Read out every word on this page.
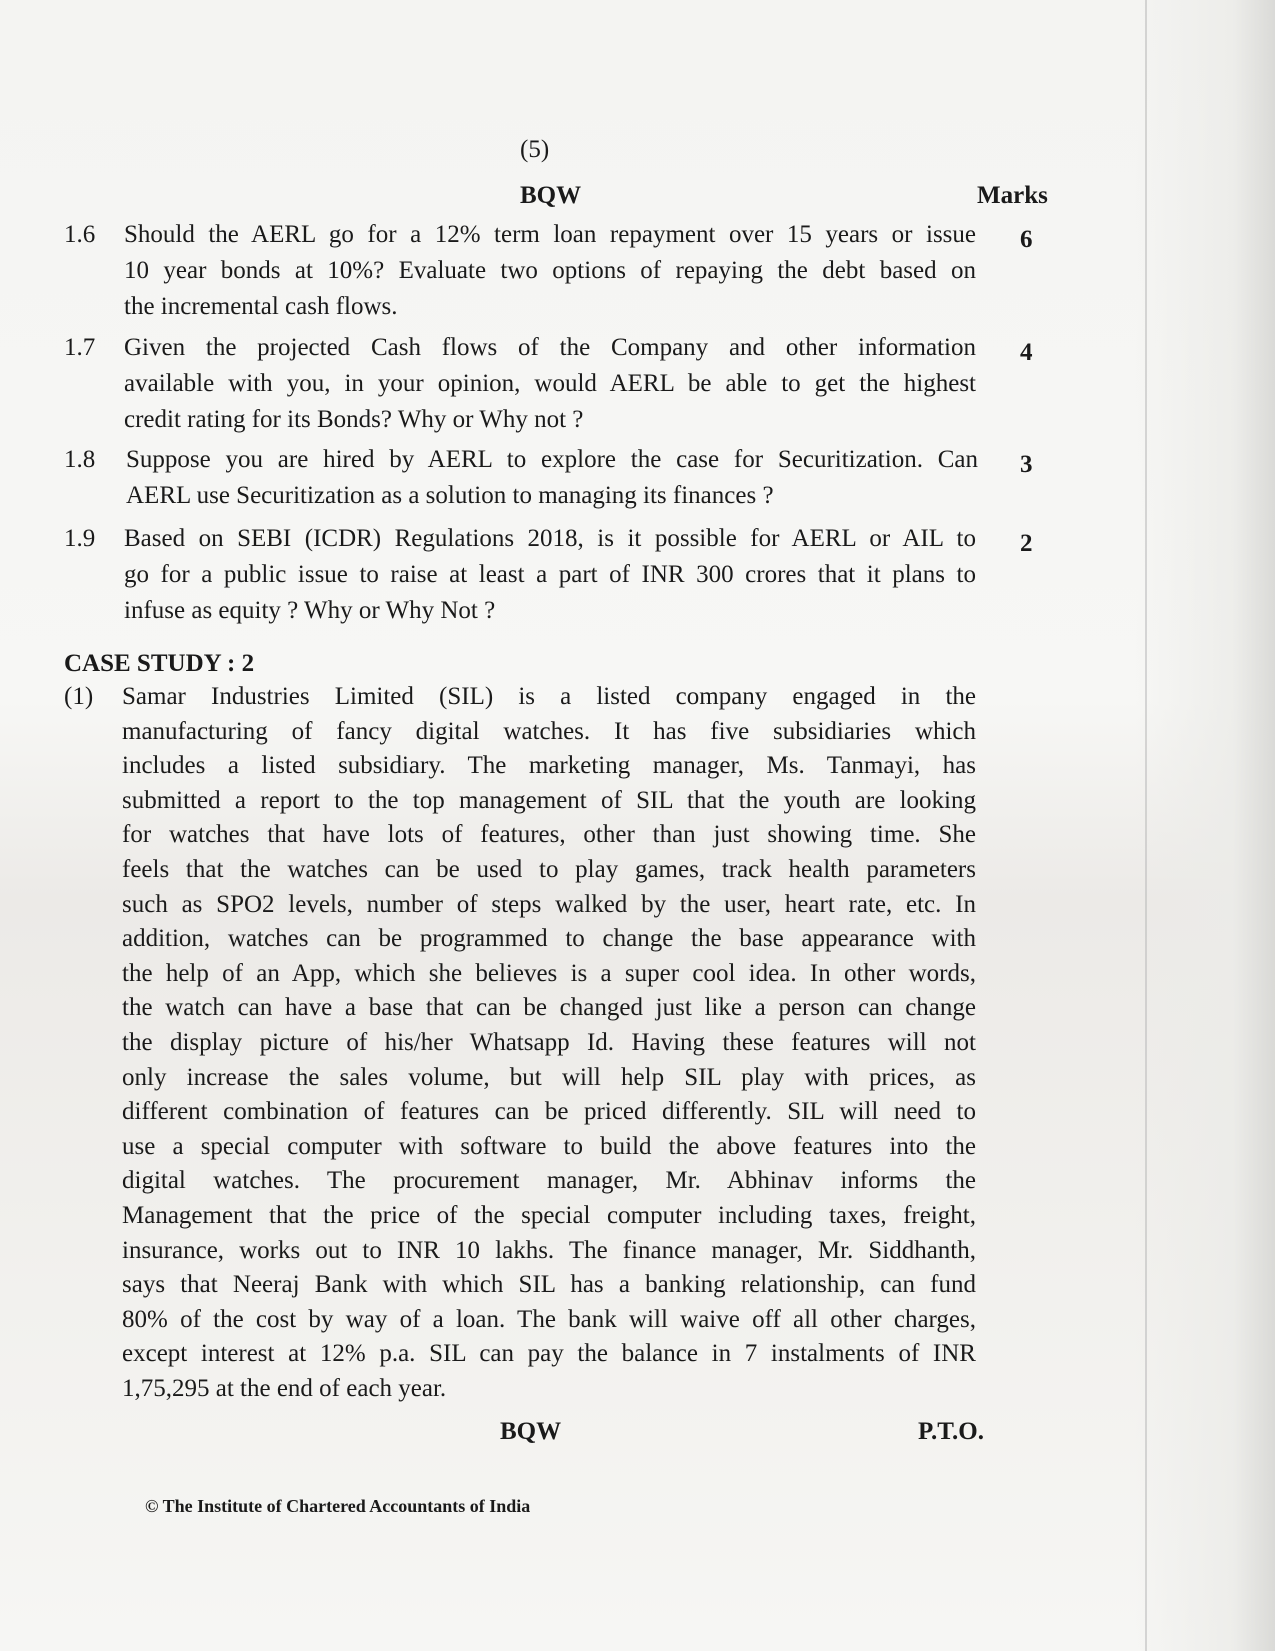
(5)
BQW	Marks
1.6 Should the AERL go for a 12% term loan repayment over 15 years or issue
10 year bonds at 10%? Evaluate two options of repaying the debt based on
the incremental cash flows.
6
1.7 Given the projected Cash flows of the Company and other information
available with you, in your opinion, would AERL be able to get the highest
credit rating for its Bonds? Why or Why not ?
4
1.8 Suppose you are hired by AERL to explore the case for Securitization. Can
AERL use Securitization as a solution to managing its finances ?
3
1.9 Based on SEBI (ICDR) Regulations 2018, is it possible for AERL or AIL to
go for a public issue to raise at least a part of INR 300 crores that it plans to
infuse as equity ? Why or Why Not ?
2
CASE STUDY : 2
(1) Samar Industries Limited (SIL) is a listed company engaged in the
manufacturing of fancy digital watches. It has five subsidiaries which
includes a listed subsidiary. The marketing manager, Ms. Tanmayi, has
submitted a report to the top management of SIL that the youth are looking
for watches that have lots of features, other than just showing time. She
feels that the watches can be used to play games, track health parameters
such as SPO2 levels, number of steps walked by the user, heart rate, etc. In
addition, watches can be programmed to change the base appearance with
the help of an App, which she believes is a super cool idea. In other words,
the watch can have a base that can be changed just like a person can change
the display picture of his/her Whatsapp Id. Having these features will not
only increase the sales volume, but will help SIL play with prices, as
different combination of features can be priced differently. SIL will need to
use a special computer with software to build the above features into the
digital watches. The procurement manager, Mr. Abhinav informs the
Management that the price of the special computer including taxes, freight,
insurance, works out to INR 10 lakhs. The finance manager, Mr. Siddhanth,
says that Neeraj Bank with which SIL has a banking relationship, can fund
80% of the cost by way of a loan. The bank will waive off all other charges,
except interest at 12% p.a. SIL can pay the balance in 7 instalments of INR
1,75,295 at the end of each year.
BQW	P.T.O.
© The Institute of Chartered Accountants of India
